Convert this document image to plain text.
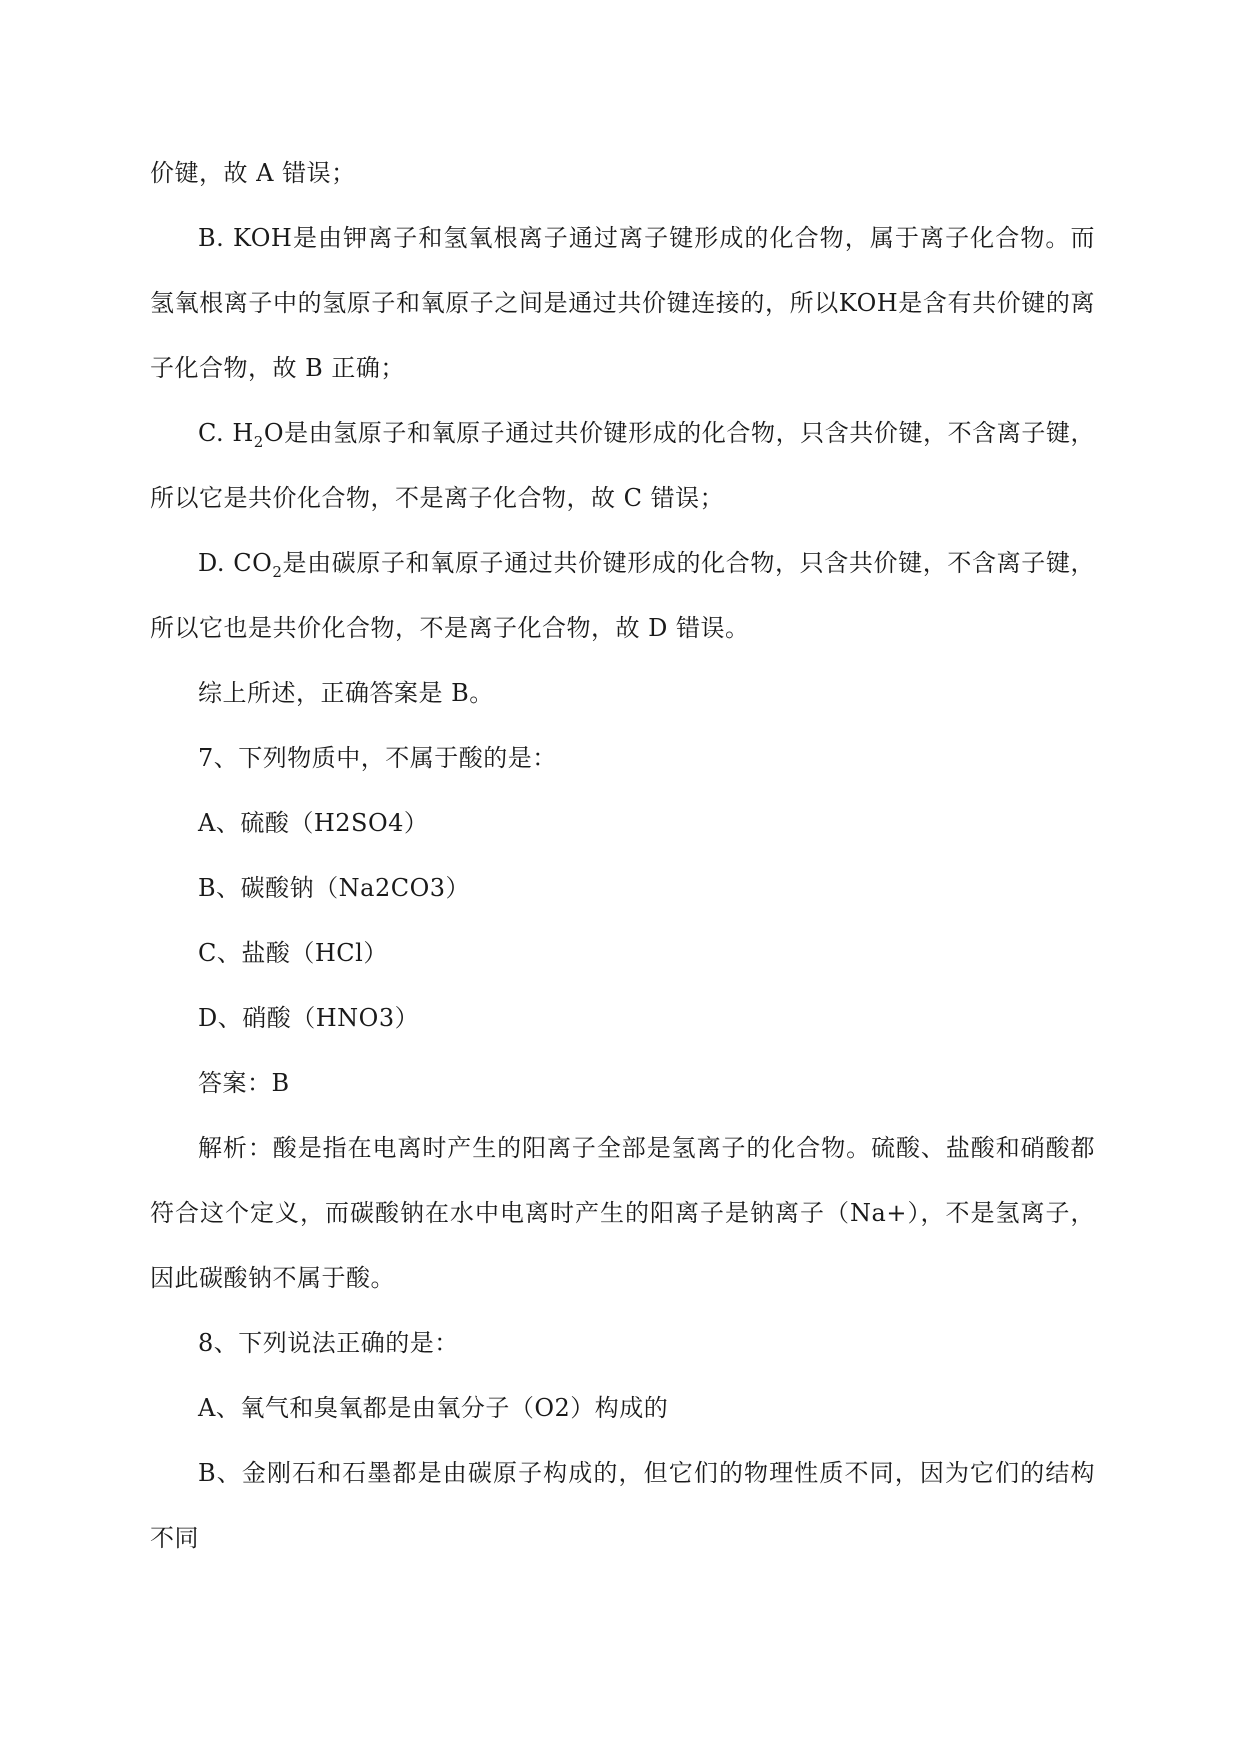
价键，故 A 错误；

B. KOH是由钾离子和氢氧根离子通过离子键形成的化合物，属于离子化合物。而氢氧根离子中的氢原子和氧原子之间是通过共价键连接的，所以KOH是含有共价键的离子化合物，故 B 正确；

C. $H_2O$是由氢原子和氧原子通过共价键形成的化合物，只含共价键，不含离子键，所以它是共价化合物，不是离子化合物，故 C 错误；

D. $CO_2$是由碳原子和氧原子通过共价键形成的化合物，只含共价键，不含离子键，所以它也是共价化合物，不是离子化合物，故 D 错误。

综上所述，正确答案是 B。

7、下列物质中，不属于酸的是：

A、硫酸（H2SO4）

B、碳酸钠（Na2CO3）

C、盐酸（HCl）

D、硝酸（HNO3）

答案：B

解析：酸是指在电离时产生的阳离子全部是氢离子的化合物。硫酸、盐酸和硝酸都符合这个定义，而碳酸钠在水中电离时产生的阳离子是钠离子（Na+），不是氢离子，因此碳酸钠不属于酸。

8、下列说法正确的是：

A、氧气和臭氧都是由氧分子（O2）构成的

B、金刚石和石墨都是由碳原子构成的，但它们的物理性质不同，因为它们的结构不同
